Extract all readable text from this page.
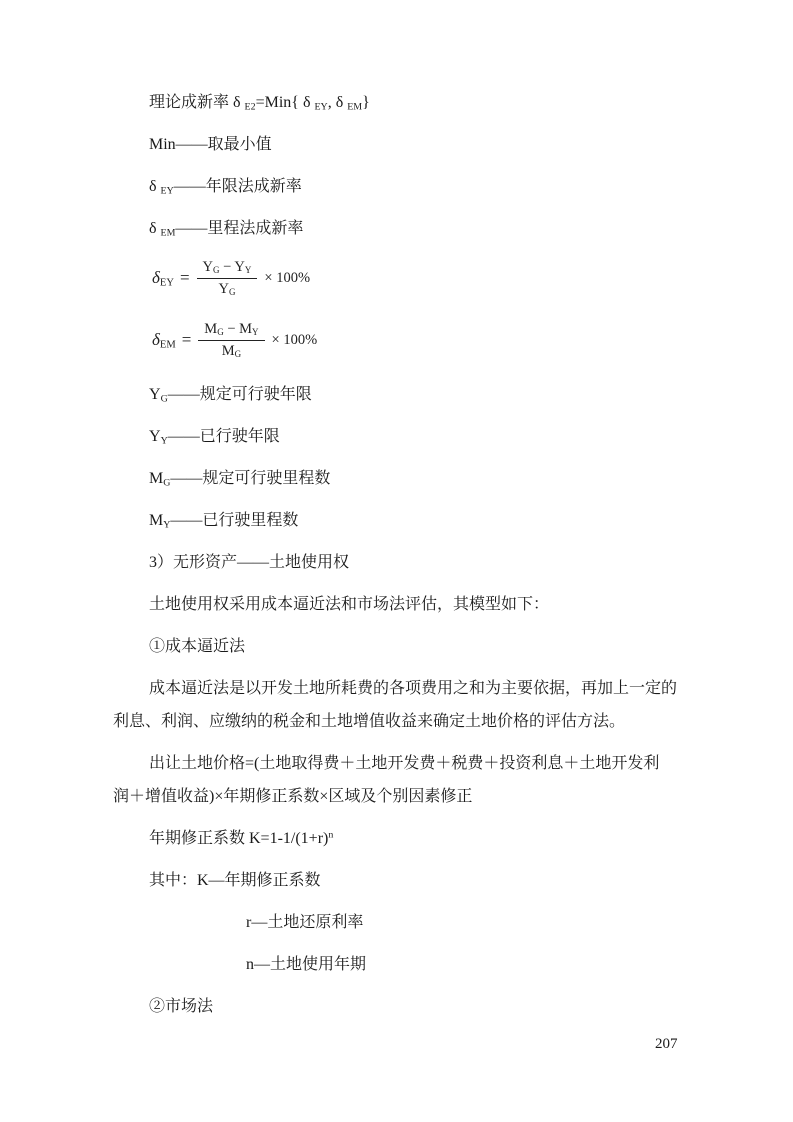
理论成新率 δ $_{E2}$=Min{ δ $_{EY}$, δ $_{EM}$}

Min——取最小值

δ $_{EY}$——年限法成新率

δ $_{EM}$——里程法成新率

$\delta_{EY} = \frac{Y_G - Y_Y}{Y_G} \times 100\%$
$\delta_{EM} = \frac{M_G - M_Y}{M_G} \times 100\%$

$Y_G——$规定可行驶年限

$Y_Y——$已行驶年限

$M_G——$规定可行驶里程数

$M_Y——$已行驶里程数

3）无形资产——土地使用权

土地使用权采用成本逼近法和市场法评估，其模型如下：

①成本逼近法

成本逼近法是以开发土地所耗费的各项费用之和为主要依据，再加上一定的
利息、利润、应缴纳的税金和土地增值收益来确定土地价格的评估方法。

出让土地价格=(土地取得费＋土地开发费＋税费＋投资利息＋土地开发利
润＋增值收益)×年期修正系数×区域及个别因素修正

年期修正系数 $K=1-1/(1+r)^n$

其中：K—年期修正系数

r—土地还原利率

n—土地使用年期

②市场法

207
